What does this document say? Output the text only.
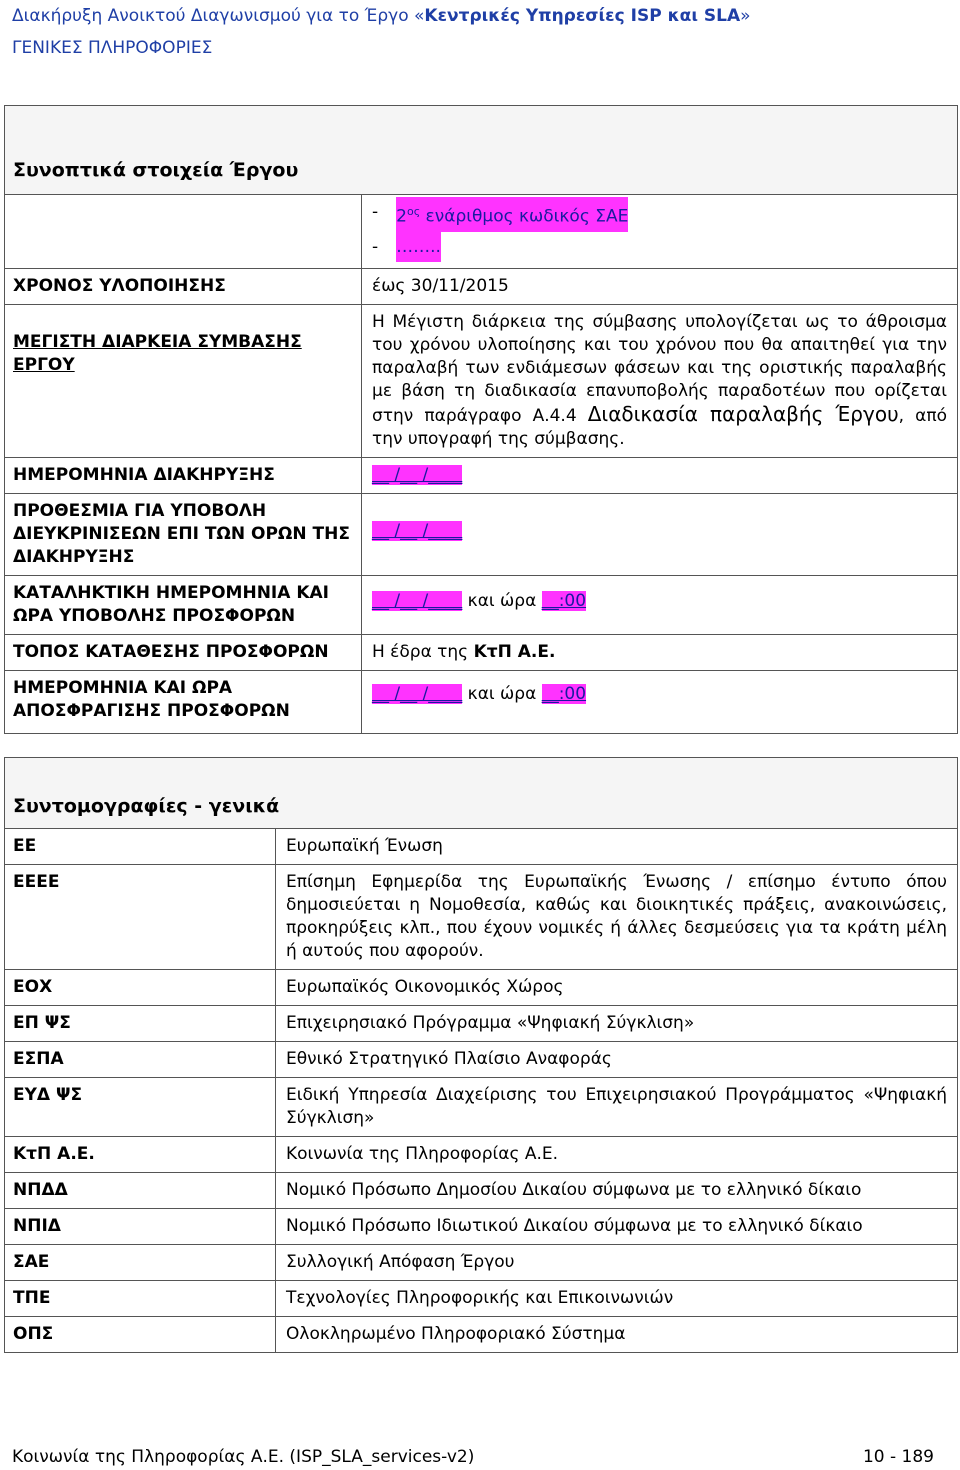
Διακήρυξη Ανοικτού Διαγωνισμού για το Έργο «Κεντρικές Υπηρεσίες ISP και SLA»
ΓΕΝΙΚΕΣ ΠΛΗΡΟΦΟΡΙΕΣ
Συνοπτικά στοιχεία Έργου	

	- $2^{o\varsigma}$ ενάριθμος κωδικός ΣΑΕ
- ……..

ΧΡΟΝΟΣ ΥΛΟΠΟΙΗΣΗΣ	έως 30/11/2015
ΜΕΓΙΣΤΗ ΔΙΑΡΚΕΙΑ ΣΥΜΒΑΣΗΣ
ΕΡΓΟΥ	Η Μέγιστη διάρκεια της σύμβασης υπολογίζεται ως το άθροισμα του χρόνου υλοποίησης και του χρόνου που θα απαιτηθεί για την παραλαβή των ενδιάμεσων φάσεων και της οριστικής παραλαβής με βάση τη διαδικασία επανυποβολής παραδοτέων που ορίζεται στην παράγραφο Α.4.4 Διαδικασία παραλαβής Έργου, από την υπογραφή της σύμβασης.
ΗΜΕΡΟΜΗΝΙΑ ΔΙΑΚΗΡΥΞΗΣ	__ /__ /____
ΠΡΟΘΕΣΜΙΑ ΓΙΑ ΥΠΟΒΟΛΗ ΔΙΕΥΚΡΙΝΙΣΕΩΝ ΕΠΙ ΤΩΝ ΟΡΩΝ ΤΗΣ ΔΙΑΚΗΡΥΞΗΣ	__ /__ /____
ΚΑΤΑΛΗΚΤΙΚΗ ΗΜΕΡΟΜΗΝΙΑ ΚΑΙ ΩΡΑ ΥΠΟΒΟΛΗΣ ΠΡΟΣΦΟΡΩΝ	__ /__ /____ και ώρα __:00
ΤΟΠΟΣ ΚΑΤΑΘΕΣΗΣ ΠΡΟΣΦΟΡΩΝ	Η έδρα της ΚτΠ Α.Ε.
ΗΜΕΡΟΜΗΝΙΑ ΚΑΙ ΩΡΑ ΑΠΟΣΦΡΑΓΙΣΗΣ ΠΡΟΣΦΟΡΩΝ	__ /__ /____ και ώρα __:00
Συντομογραφίες - γενικά	
ΕΕ	Ευρωπαϊκή Ένωση
ΕΕΕΕ	Επίσημη Εφημερίδα της Ευρωπαϊκής Ένωσης / επίσημο έντυπο όπου δημοσιεύεται η Νομοθεσία, καθώς και διοικητικές πράξεις, ανακοινώσεις, προκηρύξεις κλπ., που έχουν νομικές ή άλλες δεσμεύσεις για τα κράτη μέλη ή αυτούς που αφορούν.
ΕΟΧ	Ευρωπαϊκός Οικονομικός Χώρος
ΕΠ ΨΣ	Επιχειρησιακό Πρόγραμμα «Ψηφιακή Σύγκλιση»
ΕΣΠΑ	Εθνικό Στρατηγικό Πλαίσιο Αναφοράς
ΕΥΔ ΨΣ	Ειδική Υπηρεσία Διαχείρισης του Επιχειρησιακού Προγράμματος «Ψηφιακή Σύγκλιση»
ΚτΠ Α.Ε.	Κοινωνία της Πληροφορίας Α.Ε.
ΝΠΔΔ	Νομικό Πρόσωπο Δημοσίου Δικαίου σύμφωνα με το ελληνικό δίκαιο
ΝΠΙΔ	Νομικό Πρόσωπο Ιδιωτικού Δικαίου σύμφωνα με το ελληνικό δίκαιο
ΣΑΕ	Συλλογική Απόφαση Έργου
ΤΠΕ	Τεχνολογίες Πληροφορικής και Επικοινωνιών
ΟΠΣ	Ολοκληρωμένο Πληροφοριακό Σύστημα
Κοινωνία της Πληροφορίας Α.Ε. (ISP_SLA_services-v2)	10 - 189
